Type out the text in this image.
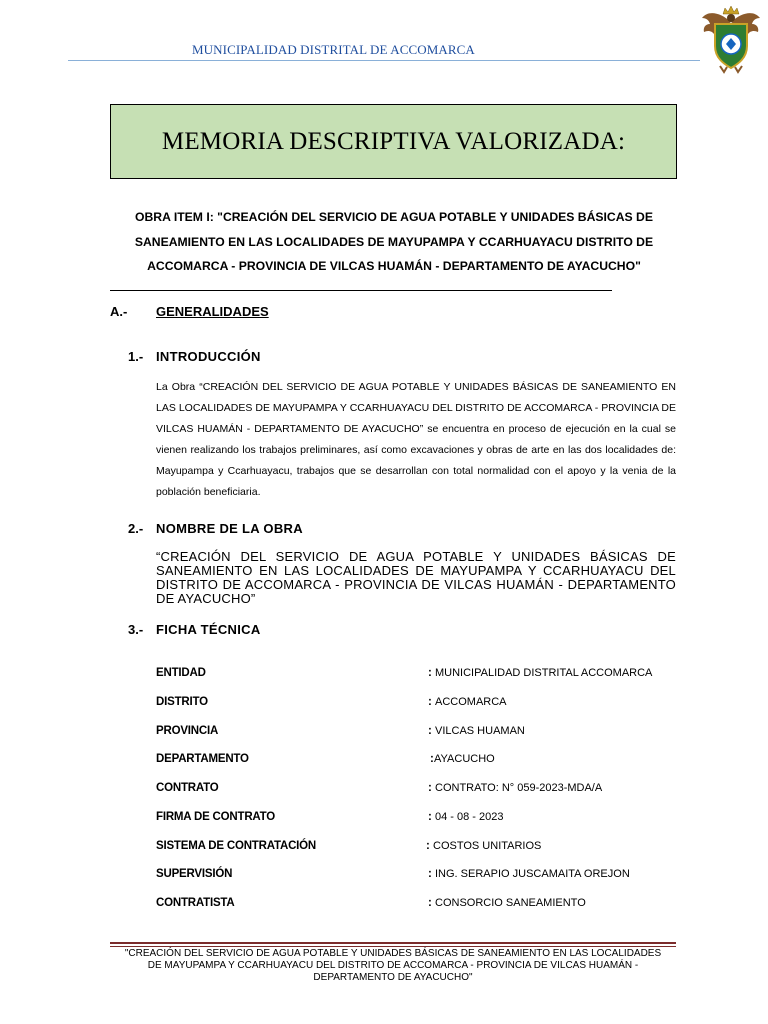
MUNICIPALIDAD DISTRITAL DE ACCOMARCA
MEMORIA DESCRIPTIVA VALORIZADA:
OBRA ITEM I: "CREACIÓN DEL SERVICIO DE AGUA POTABLE Y UNIDADES BÁSICAS DE
SANEAMIENTO EN LAS LOCALIDADES DE MAYUPAMPA Y CCARHUAYACU DISTRITO DE
ACCOMARCA - PROVINCIA DE VILCAS HUAMÁN - DEPARTAMENTO DE AYACUCHO"
A.- GENERALIDADES
1.- INTRODUCCIÓN
La Obra “CREACIÓN DEL SERVICIO DE AGUA POTABLE Y UNIDADES BÁSICAS DE SANEAMIENTO EN LAS LOCALIDADES DE MAYUPAMPA Y CCARHUAYACU DEL DISTRITO DE ACCOMARCA - PROVINCIA DE VILCAS HUAMÁN - DEPARTAMENTO DE AYACUCHO” se encuentra en proceso de ejecución en la cual se vienen realizando los trabajos preliminares, así como excavaciones y obras de arte en las dos localidades de: Mayupampa y Ccarhuayacu, trabajos que se desarrollan con total normalidad con el apoyo y la venia de la población beneficiaria.
2.- NOMBRE DE LA OBRA
“CREACIÓN DEL SERVICIO DE AGUA POTABLE Y UNIDADES BÁSICAS DE SANEAMIENTO EN LAS LOCALIDADES DE MAYUPAMPA Y CCARHUAYACU DEL DISTRITO DE ACCOMARCA - PROVINCIA DE VILCAS HUAMÁN - DEPARTAMENTO DE AYACUCHO”
3.- FICHA TÉCNICA
ENTIDAD	: MUNICIPALIDAD DISTRITAL ACCOMARCA
DISTRITO	: ACCOMARCA
PROVINCIA	: VILCAS HUAMAN
DEPARTAMENTO	: AYACUCHO
CONTRATO	: CONTRATO: N° 059-2023-MDA/A
FIRMA DE CONTRATO	: 04 - 08 - 2023
SISTEMA DE CONTRATACIÓN	: COSTOS UNITARIOS
SUPERVISIÓN	: ING. SERAPIO JUSCAMAITA OREJON
CONTRATISTA	: CONSORCIO SANEAMIENTO
"CREACIÓN DEL SERVICIO DE AGUA POTABLE Y UNIDADES BÁSICAS DE SANEAMIENTO EN LAS LOCALIDADES
DE MAYUPAMPA Y CCARHUAYACU DEL DISTRITO DE ACCOMARCA - PROVINCIA DE VILCAS HUAMÁN -
DEPARTAMENTO DE AYACUCHO"
